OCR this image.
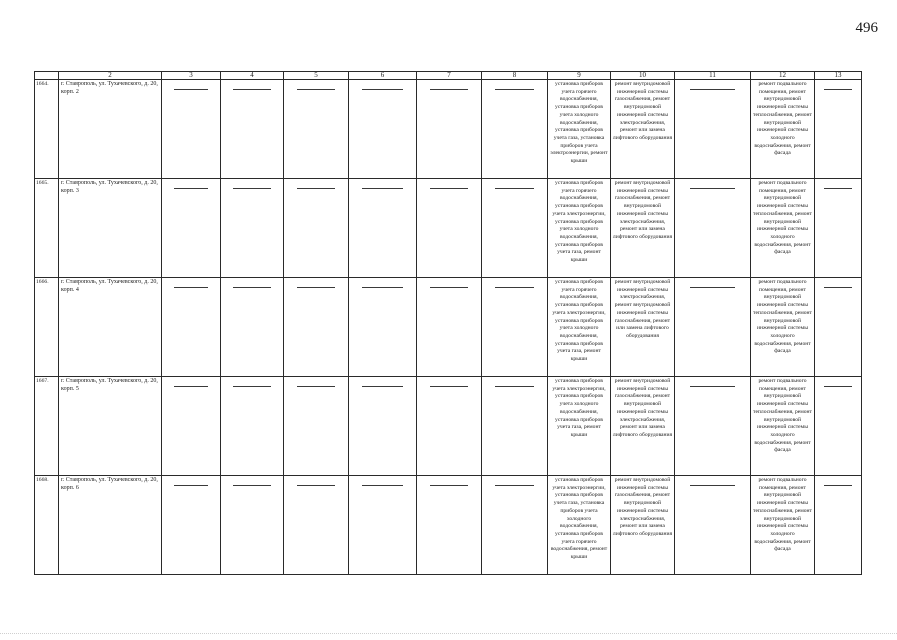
496
	2	3	4	5	6	7	8	9	10	11	12	13
1664.	г. Ставрополь, ул. Тухачевского, д. 20, корп. 2							установка приборов учета горячего водоснабжения, установка приборов учета холодного водоснабжения, установка приборов учета газа, установка приборов учета электроэнергии, ремонт крыши	ремонт внутридомовой инженерной системы газоснабжения, ремонт внутридомовой инженерной системы электроснабжения, ремонт или замена лифтового оборудования		ремонт подвального помещения, ремонт внутридомовой инженерной системы теплоснабжения, ремонт внутридомовой инженерной системы холодного водоснабжения, ремонт фасада	

1665.	г. Ставрополь, ул. Тухачевского, д. 20, корп. 3							установка приборов учета горячего водоснабжения, установка приборов учета электроэнергии, установка приборов учета холодного водоснабжения, установка приборов учета газа, ремонт крыши	ремонт внутридомовой инженерной системы газоснабжения, ремонт внутридомовой инженерной системы электроснабжения, ремонт или замена лифтового оборудования		ремонт подвального помещения, ремонт внутридомовой инженерной системы теплоснабжения, ремонт внутридомовой инженерной системы холодного водоснабжения, ремонт фасада	

1666.	г. Ставрополь, ул. Тухачевского, д. 20, корп. 4							установка приборов учета горячего водоснабжения, установка приборов учета электроэнергии, установка приборов учета холодного водоснабжения, установка приборов учета газа, ремонт крыши	ремонт внутридомовой инженерной системы электроснабжения, ремонт внутридомовой инженерной системы газоснабжения, ремонт или замена лифтового оборудования		ремонт подвального помещения, ремонт внутридомовой инженерной системы теплоснабжения, ремонт внутридомовой инженерной системы холодного водоснабжения, ремонт фасада	

1667.	г. Ставрополь, ул. Тухачевского, д. 20, корп. 5							установка приборов учета электроэнергии, установка приборов учета холодного водоснабжения, установка приборов учета газа, ремонт крыши	ремонт внутридомовой инженерной системы газоснабжения, ремонт внутридомовой инженерной системы электроснабжения, ремонт или замена лифтового оборудования		ремонт подвального помещения, ремонт внутридомовой инженерной системы теплоснабжения, ремонт внутридомовой инженерной системы холодного водоснабжения, ремонт фасада	

1668.	г. Ставрополь, ул. Тухачевского, д. 20, корп. 6							установка приборов учета электроэнергии, установка приборов учета газа, установка приборов учета холодного водоснабжения, установка приборов учета горячего водоснабжения, ремонт крыши	ремонт внутридомовой инженерной системы газоснабжения, ремонт внутридомовой инженерной системы электроснабжения, ремонт или замена лифтового оборудования		ремонт подвального помещения, ремонт внутридомовой инженерной системы теплоснабжения, ремонт внутридомовой инженерной системы холодного водоснабжения, ремонт фасада	
